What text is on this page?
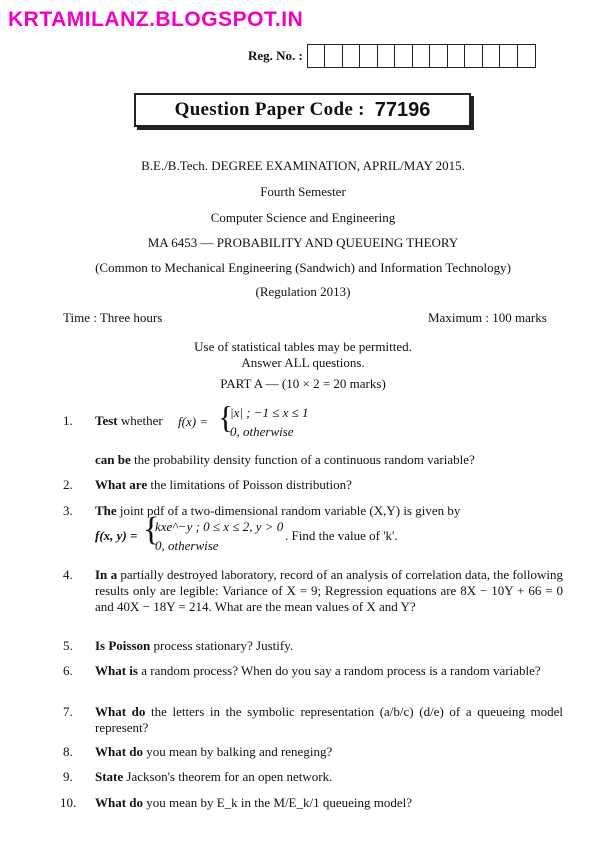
KRTAMILANZ.BLOGSPOT.IN
Reg. No. :
Question Paper Code : 77196
B.E./B.Tech. DEGREE EXAMINATION, APRIL/MAY 2015.
Fourth Semester
Computer Science and Engineering
MA 6453 — PROBABILITY AND QUEUEING THEORY
(Common to Mechanical Engineering (Sandwich) and Information Technology)
(Regulation 2013)
Time : Three hours	Maximum : 100 marks
Use of statistical tables may be permitted.
Answer ALL questions.
PART A — (10 × 2 = 20 marks)
1. Test whether	f(x) = {
|x| ; −1 ≤ x ≤ 1
0, otherwise
can be the probability density function of a continuous random variable?
2. What are the limitations of Poisson distribution?
3. The joint pdf of a two-dimensional random variable (X,Y) is given by
f(x, y) = {
kxe^−y ; 0 ≤ x ≤ 2, y > 0
0, otherwise
. Find the value of 'k'.
4. In a partially destroyed laboratory, record of an analysis of correlation data, the following results only are legible: Variance of X = 9; Regression equations are 8X − 10Y + 66 = 0 and 40X − 18Y = 214. What are the mean values of X and Y?
5. Is Poisson process stationary? Justify.
6. What is a random process? When do you say a random process is a random variable?
7. What do the letters in the symbolic representation (a/b/c) (d/e) of a queueing model represent?
8. What do you mean by balking and reneging?
9. State Jackson's theorem for an open network.
10. What do you mean by E_k in the M/E_k/1 queueing model?
